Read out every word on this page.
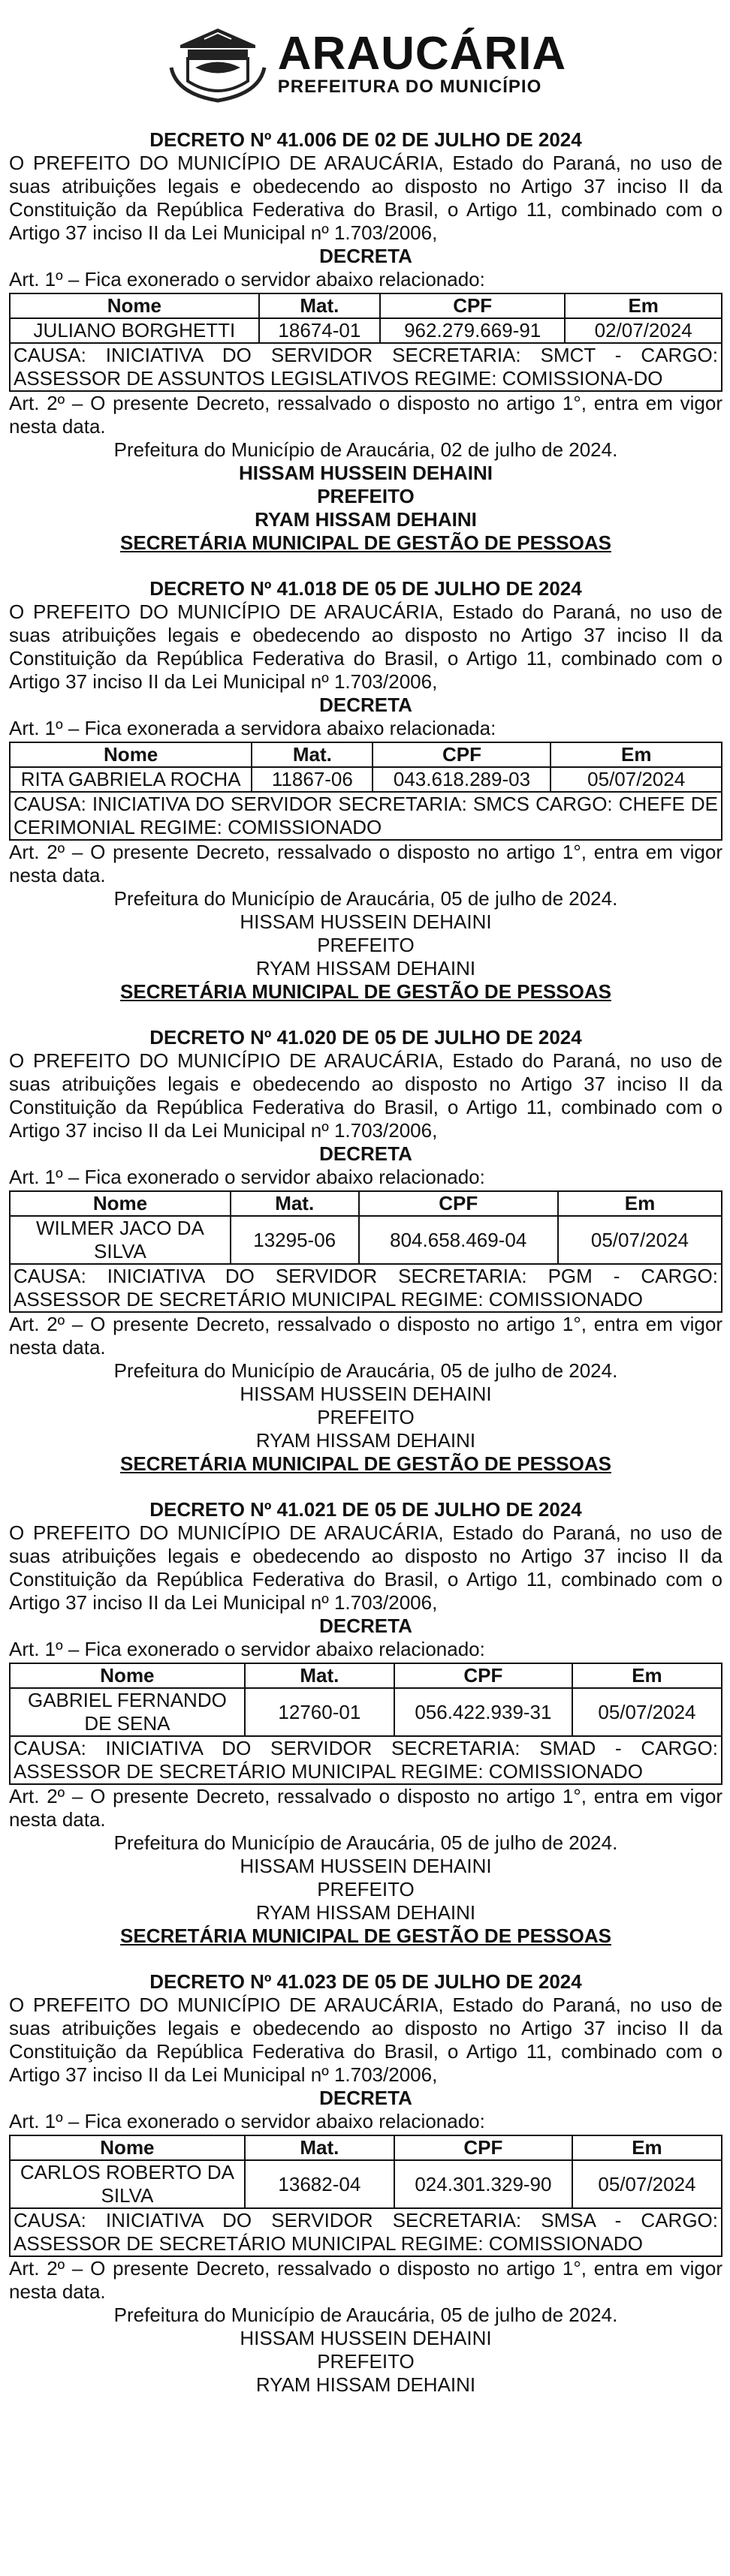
ARAUCÁRIA
PREFEITURA DO MUNICÍPIO
DECRETO Nº 41.006 DE 02 DE JULHO DE 2024
O PREFEITO DO MUNICÍPIO DE ARAUCÁRIA, Estado do Paraná, no uso de suas atribuições legais e obedecendo ao disposto no Artigo 37 inciso II da Constituição da República Federativa do Brasil, o Artigo 11, combinado com o Artigo 37 inciso II da Lei Municipal nº 1.703/2006,
DECRETA
Art. 1º – Fica exonerado o servidor abaixo relacionado:
Nome	Mat.	CPF	Em
JULIANO BORGHETTI	18674-01	962.279.669-91	02/07/2024
CAUSA: INICIATIVA DO SERVIDOR SECRETARIA: SMCT - CARGO: ASSESSOR DE ASSUNTOS LEGISLATIVOS REGIME: COMISSIONA-DO			
Art. 2º – O presente Decreto, ressalvado o disposto no artigo 1°, entra em vigor nesta data.
Prefeitura do Município de Araucária, 02 de julho de 2024.
HISSAM HUSSEIN DEHAINI
PREFEITO
RYAM HISSAM DEHAINI
SECRETÁRIA MUNICIPAL DE GESTÃO DE PESSOAS
DECRETO Nº 41.018 DE 05 DE JULHO DE 2024
O PREFEITO DO MUNICÍPIO DE ARAUCÁRIA, Estado do Paraná, no uso de suas atribuições legais e obedecendo ao disposto no Artigo 37 inciso II da Constituição da República Federativa do Brasil, o Artigo 11, combinado com o Artigo 37 inciso II da Lei Municipal nº 1.703/2006,
DECRETA
Art. 1º – Fica exonerada a servidora abaixo relacionada:
Nome	Mat.	CPF	Em
RITA GABRIELA ROCHA	11867-06	043.618.289-03	05/07/2024
CAUSA: INICIATIVA DO SERVIDOR SECRETARIA: SMCS CARGO: CHEFE DE CERIMONIAL REGIME: COMISSIONADO			
Art. 2º – O presente Decreto, ressalvado o disposto no artigo 1°, entra em vigor nesta data.
Prefeitura do Município de Araucária, 05 de julho de 2024.
HISSAM HUSSEIN DEHAINI
PREFEITO
RYAM HISSAM DEHAINI
SECRETÁRIA MUNICIPAL DE GESTÃO DE PESSOAS
DECRETO Nº 41.020 DE 05 DE JULHO DE 2024
O PREFEITO DO MUNICÍPIO DE ARAUCÁRIA, Estado do Paraná, no uso de suas atribuições legais e obedecendo ao disposto no Artigo 37 inciso II da Constituição da República Federativa do Brasil, o Artigo 11, combinado com o Artigo 37 inciso II da Lei Municipal nº 1.703/2006,
DECRETA
Art. 1º – Fica exonerado o servidor abaixo relacionado:
Nome	Mat.	CPF	Em
WILMER JACO DA SILVA	13295-06	804.658.469-04	05/07/2024
CAUSA: INICIATIVA DO SERVIDOR SECRETARIA: PGM - CARGO: ASSESSOR DE SECRETÁRIO MUNICIPAL REGIME: COMISSIONADO			
Art. 2º – O presente Decreto, ressalvado o disposto no artigo 1°, entra em vigor nesta data.
Prefeitura do Município de Araucária, 05 de julho de 2024.
HISSAM HUSSEIN DEHAINI
PREFEITO
RYAM HISSAM DEHAINI
SECRETÁRIA MUNICIPAL DE GESTÃO DE PESSOAS
DECRETO Nº 41.021 DE 05 DE JULHO DE 2024
O PREFEITO DO MUNICÍPIO DE ARAUCÁRIA, Estado do Paraná, no uso de suas atribuições legais e obedecendo ao disposto no Artigo 37 inciso II da Constituição da República Federativa do Brasil, o Artigo 11, combinado com o Artigo 37 inciso II da Lei Municipal nº 1.703/2006,
DECRETA
Art. 1º – Fica exonerado o servidor abaixo relacionado:
Nome	Mat.	CPF	Em
GABRIEL FERNANDO DE SENA	12760-01	056.422.939-31	05/07/2024
CAUSA: INICIATIVA DO SERVIDOR SECRETARIA: SMAD - CARGO: ASSESSOR DE SECRETÁRIO MUNICIPAL REGIME: COMISSIONADO			
Art. 2º – O presente Decreto, ressalvado o disposto no artigo 1°, entra em vigor nesta data.
Prefeitura do Município de Araucária, 05 de julho de 2024.
HISSAM HUSSEIN DEHAINI
PREFEITO
RYAM HISSAM DEHAINI
SECRETÁRIA MUNICIPAL DE GESTÃO DE PESSOAS
DECRETO Nº 41.023 DE 05 DE JULHO DE 2024
O PREFEITO DO MUNICÍPIO DE ARAUCÁRIA, Estado do Paraná, no uso de suas atribuições legais e obedecendo ao disposto no Artigo 37 inciso II da Constituição da República Federativa do Brasil, o Artigo 11, combinado com o Artigo 37 inciso II da Lei Municipal nº 1.703/2006,
DECRETA
Art. 1º – Fica exonerado o servidor abaixo relacionado:
Nome	Mat.	CPF	Em
CARLOS ROBERTO DA SILVA	13682-04	024.301.329-90	05/07/2024
CAUSA: INICIATIVA DO SERVIDOR SECRETARIA: SMSA - CARGO: ASSESSOR DE SECRETÁRIO MUNICIPAL REGIME: COMISSIONADO			
Art. 2º – O presente Decreto, ressalvado o disposto no artigo 1°, entra em vigor nesta data.
Prefeitura do Município de Araucária, 05 de julho de 2024.
HISSAM HUSSEIN DEHAINI
PREFEITO
RYAM HISSAM DEHAINI
